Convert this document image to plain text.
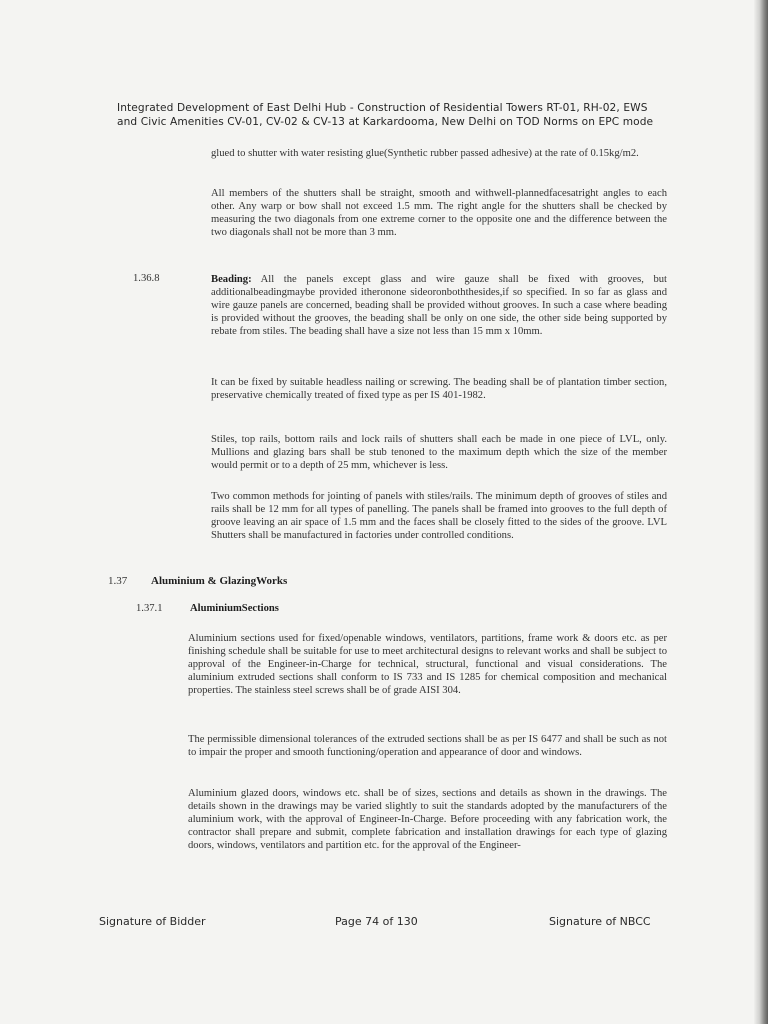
Integrated Development of East Delhi Hub - Construction of Residential Towers RT-01, RH-02, EWS
and Civic Amenities CV-01, CV-02 & CV-13 at Karkardooma, New Delhi on TOD Norms on EPC mode
glued to shutter with water resisting glue(Synthetic rubber passed adhesive) at the rate of 0.15kg/m2.
All members of the shutters shall be straight, smooth and withwell-plannedfacesatright angles to each other. Any warp or bow shall not exceed 1.5 mm. The right angle for the shutters shall be checked by measuring the two diagonals from one extreme corner to the opposite one and the difference between the two diagonals shall not be more than 3 mm.
1.36.8	Beading: All the panels except glass and wire gauze shall be fixed with grooves, but additionalbeadingmaybe provided itheronone sideoronboththesides,if so specified. In so far as glass and wire gauze panels are concerned, beading shall be provided without grooves. In such a case where beading is provided without the grooves, the beading shall be only on one side, the other side being supported by rebate from stiles. The beading shall have a size not less than 15 mm x 10mm.
It can be fixed by suitable headless nailing or screwing. The beading shall be of plantation timber section, preservative chemically treated of fixed type as per IS 401-1982.
Stiles, top rails, bottom rails and lock rails of shutters shall each be made in one piece of LVL, only. Mullions and glazing bars shall be stub tenoned to the maximum depth which the size of the member would permit or to a depth of 25 mm, whichever is less.
Two common methods for jointing of panels with stiles/rails. The minimum depth of grooves of stiles and rails shall be 12 mm for all types of panelling. The panels shall be framed into grooves to the full depth of groove leaving an air space of 1.5 mm and the faces shall be closely fitted to the sides of the groove. LVL Shutters shall be manufactured in factories under controlled conditions.
1.37 Aluminium & GlazingWorks
1.37.1	AluminiumSections
Aluminium sections used for fixed/openable windows, ventilators, partitions, frame work & doors etc. as per finishing schedule shall be suitable for use to meet architectural designs to relevant works and shall be subject to approval of the Engineer-in-Charge for technical, structural, functional and visual considerations. The aluminium extruded sections shall conform to IS 733 and IS 1285 for chemical composition and mechanical properties. The stainless steel screws shall be of grade AISI 304.
The permissible dimensional tolerances of the extruded sections shall be as per IS 6477 and shall be such as not to impair the proper and smooth functioning/operation and appearance of door and windows.
Aluminium glazed doors, windows etc. shall be of sizes, sections and details as shown in the drawings. The details shown in the drawings may be varied slightly to suit the standards adopted by the manufacturers of the aluminium work, with the approval of Engineer-In-Charge. Before proceeding with any fabrication work, the contractor shall prepare and submit, complete fabrication and installation drawings for each type of glazing doors, windows, ventilators and partition etc. for the approval of the Engineer-
Signature of Bidder	Page 74 of 130	Signature of NBCC
